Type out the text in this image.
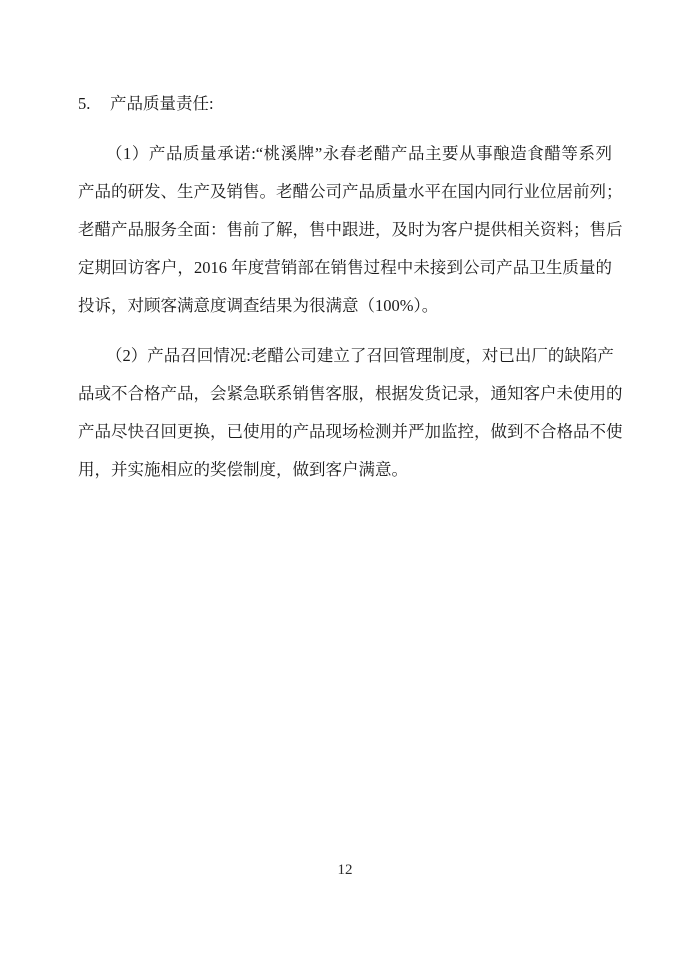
5.	产品质量责任:
（1）产品质量承诺:“桃溪牌”永春老醋产品主要从事酿造食醋等系列
产品的研发、生产及销售。老醋公司产品质量水平在国内同行业位居前列；
老醋产品服务全面：售前了解，售中跟进，及时为客户提供相关资料；售后
定期回访客户，2016 年度营销部在销售过程中未接到公司产品卫生质量的
投诉，对顾客满意度调查结果为很满意（100%）。
（2）产品召回情况:老醋公司建立了召回管理制度，对已出厂的缺陷产
品或不合格产品，会紧急联系销售客服，根据发货记录，通知客户未使用的
产品尽快召回更换，已使用的产品现场检测并严加监控，做到不合格品不使
用，并实施相应的奖偿制度，做到客户满意。
12
